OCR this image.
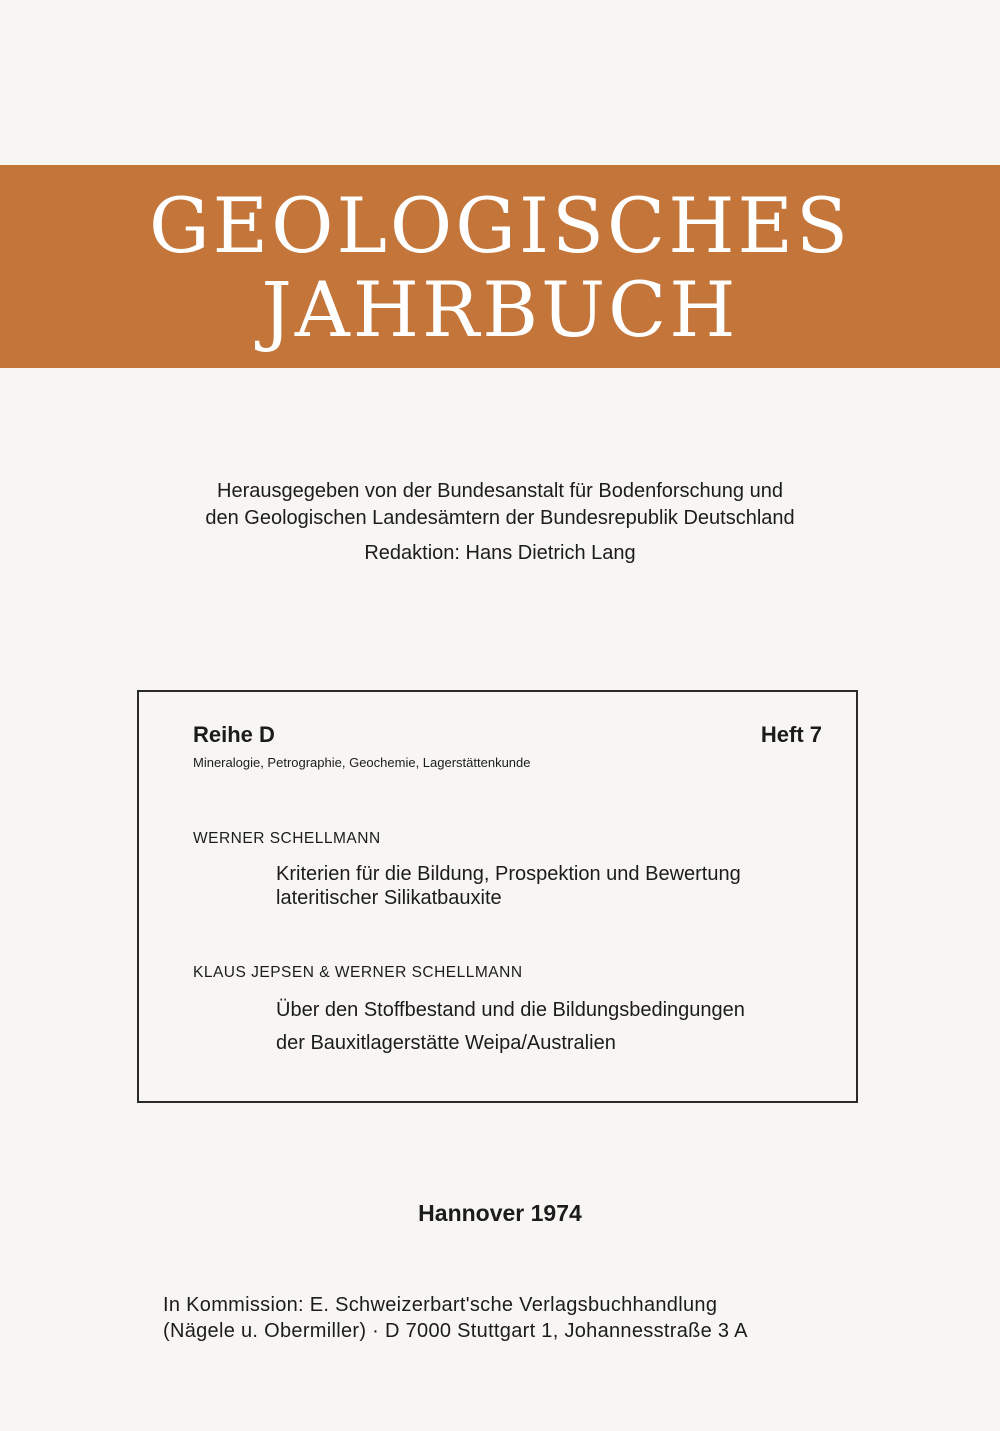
GEOLOGISCHES
JAHRBUCH
Herausgegeben von der Bundesanstalt für Bodenforschung und
den Geologischen Landesämtern der Bundesrepublik Deutschland
Redaktion: Hans Dietrich Lang
Reihe D	Heft 7
Mineralogie, Petrographie, Geochemie, Lagerstättenkunde
WERNER SCHELLMANN
Kriterien für die Bildung, Prospektion und Bewertung
lateritischer Silikatbauxite
KLAUS JEPSEN & WERNER SCHELLMANN
Über den Stoffbestand und die Bildungsbedingungen
der Bauxitlagerstätte Weipa/Australien
Hannover 1974
In Kommission: E. Schweizerbart'sche Verlagsbuchhandlung
(Nägele u. Obermiller) · D 7000 Stuttgart 1, Johannesstraße 3 A
